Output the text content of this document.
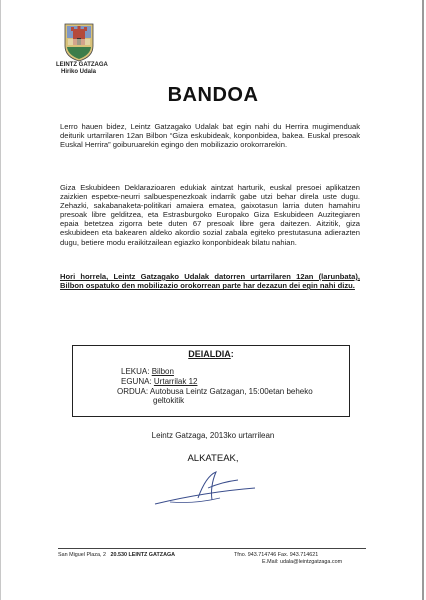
LEINTZ GATZAGA
Hiriko Udala
BANDOA
Lerro hauen bidez, Leintz Gatzagako Udalak bat egin nahi du Herrira mugimenduak deiturik urtarrilaren 12an Bilbon “Giza eskubideak, konponbidea, bakea. Euskal presoak Euskal Herrira” goiburuarekin egingo den mobilizazio orokorrarekin.
Giza Eskubideen Deklarazioaren edukiak aintzat harturik, euskal presoei aplikatzen zaizkien espetxe-neurri salbuespenezkoak indarrik gabe utzi behar direla uste dugu. Zehazki, sakabanaketa-politikari amaiera ematea, gaixotasun larria duten hamahiru presoak libre gelditzea, eta Estrasburgoko Europako Giza Eskubideen Auzitegiaren epaia betetzea zigorra bete duten 67 presoak libre gera daitezen. Aitzitik, giza eskubideen eta bakearen aldeko akordio sozial zabala egiteko prestutasuna adierazten dugu, betiere modu eraikitzailean egiazko konponbideak bilatu nahian.
Hori horrela, Leintz Gatzagako Udalak datorren urtarrilaren 12an (larunbata), Bilbon ospatuko den mobilizazio orokorrean parte har dezazun dei egin nahi dizu.
DEIALDIA:
LEKUA: Bilbon
EGUNA: Urtarrilak 12
ORDUA: Autobusa Leintz Gatzagan, 15:00etan beheko
geltokitik
Leintz Gatzaga, 2013ko urtarrilean
ALKATEAK,
San Miguel Plaza, 2 20.530 LEINTZ GATZAGA	Tfno. 943.714746 Fax. 943.714621
E.Mail: udala@leintzgatzaga.com
